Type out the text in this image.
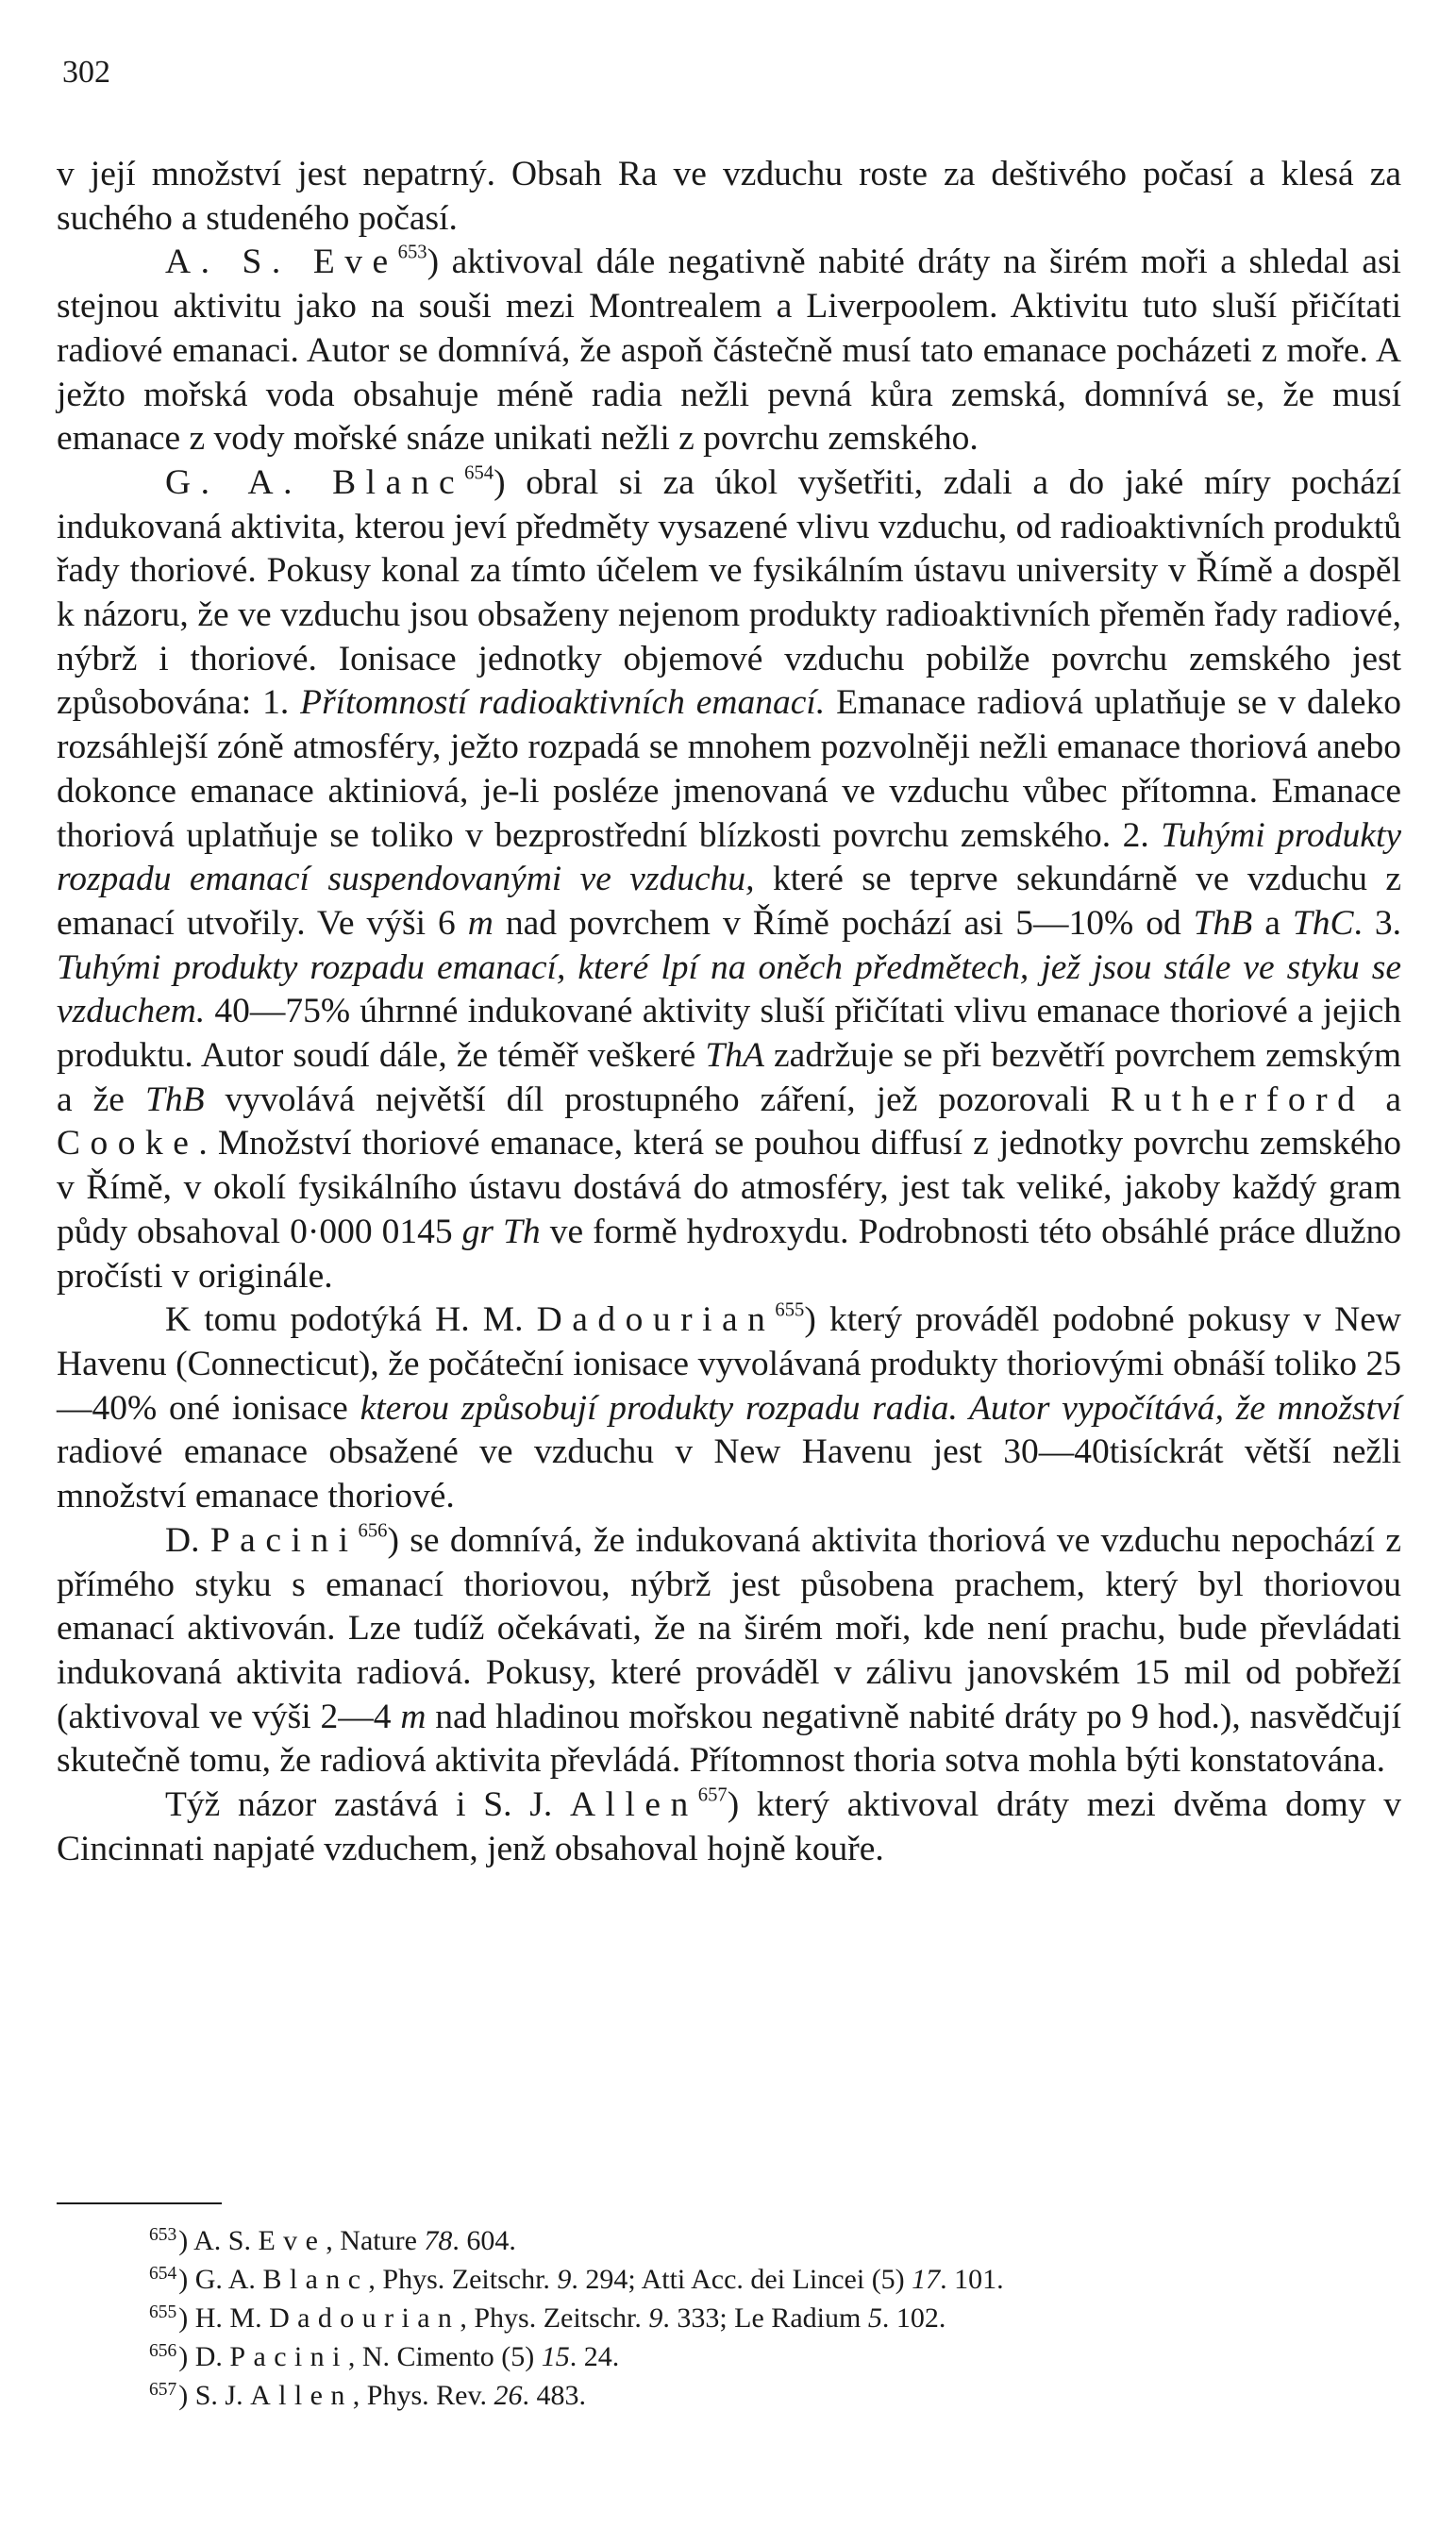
302

v její množství jest nepatrný. Obsah Ra ve vzduchu roste za deštivého počasí a klesá za suchého a studeného počasí.

A. S. Eve$^{653}$) aktivoval dále negativně nabité dráty na širém moři a shledal asi stejnou aktivitu jako na souši mezi Montrealem a Liverpoolem. Aktivitu tuto sluší přičítati radiové emanaci. Autor se domnívá, že aspoň částečně musí tato emanace pocházeti z moře. A ježto mořská voda obsahuje méně radia nežli pevná kůra zemská, domnívá se, že musí emanace z vody mořské snáze unikati nežli z povrchu zemského.

G. A. Blanc$^{654}$) obral si za úkol vyšetřiti, zdali a do jaké míry pochází indukovaná aktivita, kterou jeví předměty vysazené vlivu vzduchu, od radioaktivních produktů řady thoriové. Pokusy konal za tímto účelem ve fysikálním ústavu university v Římě a dospěl k názoru, že ve vzduchu jsou obsaženy nejenom produkty radioaktivních přeměn řady radiové, nýbrž i thoriové. Ionisace jednotky objemové vzduchu pobilže povrchu zemského jest způsobována: 1. Přítomností radioaktivních emanací. Emanace radiová uplatňuje se v daleko rozsáhlejší zóně atmosféry, ježto rozpadá se mnohem pozvolněji nežli emanace thoriová anebo dokonce emanace aktiniová, je-li posléze jmenovaná ve vzduchu vůbec přítomna. Emanace thoriová uplatňuje se toliko v bezprostřední blízkosti povrchu zemského. 2. Tuhými produkty rozpadu emanací suspendovanými ve vzduchu, které se teprve sekundárně ve vzduchu z emanací utvořily. Ve výši 6 m nad povrchem v Římě pochází asi 5—10% od ThB a ThC. 3. Tuhými produkty rozpadu emanací, které lpí na oněch předmětech, jež jsou stále ve styku se vzduchem. 40—75% úhrnné indukované aktivity sluší přičítati vlivu emanace thoriové a jejich produktu. Autor soudí dále, že téměř veškeré ThA zadržuje se při bezvětří povrchem zemským a že ThB vyvolává největší díl prostupného záření, jež pozorovali Rutherford a Cooke. Množství thoriové emanace, která se pouhou diffusí z jednotky povrchu zemského v Římě, v okolí fysikálního ústavu dostává do atmosféry, jest tak veliké, jakoby každý gram půdy obsahoval 0·000 0145 gr Th ve formě hydroxydu. Podrobnosti této obsáhlé práce dlužno pročísti v originále.

K tomu podotýká H. M. Dadourian$^{655}$) který prováděl podobné pokusy v New Havenu (Connecticut), že počáteční ionisace vyvolávaná produkty thoriovými obnáší toliko 25—40% oné ionisace kterou způsobují produkty rozpadu radia. Autor vypočítává, že množství radiové emanace obsažené ve vzduchu v New Havenu jest 30—40tisíckrát větší nežli množství emanace thoriové.

D. Pacini$^{656}$) se domnívá, že indukovaná aktivita thoriová ve vzduchu nepochází z přímého styku s emanací thoriovou, nýbrž jest působena prachem, který byl thoriovou emanací aktivován. Lze tudíž očekávati, že na širém moři, kde není prachu, bude převládati indukovaná aktivita radiová. Pokusy, které prováděl v zálivu janovském 15 mil od pobřeží (aktivoval ve výši 2—4 m nad hladinou mořskou negativně nabité dráty po 9 hod.), nasvědčují skutečně tomu, že radiová aktivita převládá. Přítomnost thoria sotva mohla býti konstatována.

Týž názor zastává i S. J. Allen$^{657}$) který aktivoval dráty mezi dvěma domy v Cincinnati napjaté vzduchem, jenž obsahoval hojně kouře.

$^{653}$) A. S. Eve, Nature 78. 604.
$^{654}$) G. A. Blanc, Phys. Zeitschr. 9. 294; Atti Acc. dei Lincei (5) 17. 101.
$^{655}$) H. M. Dadourian, Phys. Zeitschr. 9. 333; Le Radium 5. 102.
$^{656}$) D. Pacini, N. Cimento (5) 15. 24.
$^{657}$) S. J. Allen, Phys. Rev. 26. 483.
